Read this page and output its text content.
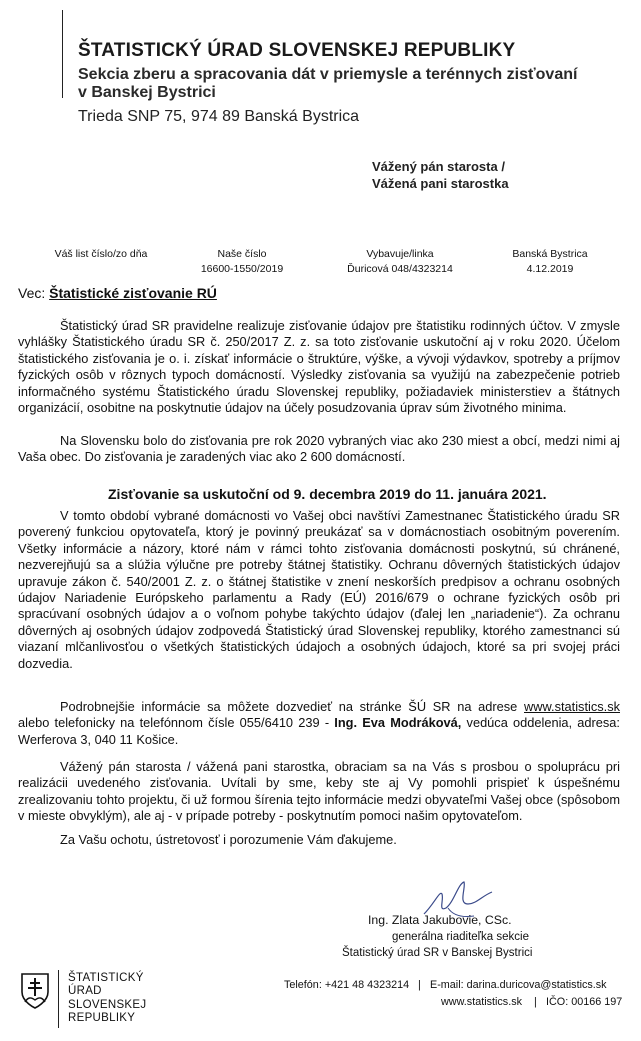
ŠTATISTICKÝ ÚRAD SLOVENSKEJ REPUBLIKY
Sekcia zberu a spracovania dát v priemysle a terénnych zisťovaní v Banskej Bystrici
Trieda SNP 75, 974 89 Banská Bystrica
Vážený pán starosta /
Vážená pani starostka
Váš list číslo/zo dňa	Naše číslo
16600-1550/2019
Vybavuje/linka
Ďuricová 048/4323214
Banská Bystrica
4.12.2019
Vec: Štatistické zisťovanie RÚ

Štatistický úrad SR pravidelne realizuje zisťovanie údajov pre štatistiku rodinných účtov. V zmysle vyhlášky Štatistického úradu SR č. 250/2017 Z. z. sa toto zisťovanie uskutoční aj v roku 2020. Účelom štatistického zisťovania je o. i. získať informácie o štruktúre, výške, a vývoji výdavkov, spotreby a príjmov fyzických osôb v rôznych typoch domácností. Výsledky zisťovania sa využijú na zabezpečenie potrieb informačného systému Štatistického úradu Slovenskej republiky, požiadaviek ministerstiev a štátnych organizácií, osobitne na poskytnutie údajov na účely posudzovania úprav súm životného minima.

Na Slovensku bolo do zisťovania pre rok 2020 vybraných viac ako 230 miest a obcí, medzi nimi aj Vaša obec. Do zisťovania je zaradených viac ako 2 600 domácností.

Zisťovanie sa uskutoční od 9. decembra 2019 do 11. januára 2021.

V tomto období vybrané domácnosti vo Vašej obci navštívi Zamestnanec Štatistického úradu SR poverený funkciou opytovateľa, ktorý je povinný preukázať sa v domácnostiach osobitným poverením. Všetky informácie a názory, ktoré nám v rámci tohto zisťovania domácnosti poskytnú, sú chránené, nezverejňujú sa a slúžia výlučne pre potreby štátnej štatistiky. Ochranu dôverných štatistických údajov upravuje zákon č. 540/2001 Z. z. o štátnej štatistike v znení neskorších predpisov a ochranu osobných údajov Nariadenie Európskeho parlamentu a Rady (EÚ) 2016/679 o ochrane fyzických osôb pri spracúvaní osobných údajov a o voľnom pohybe takýchto údajov (ďalej len „nariadenie“). Za ochranu dôverných aj osobných údajov zodpovedá Štatistický úrad Slovenskej republiky, ktorého zamestnanci sú viazaní mlčanlivosťou o všetkých štatistických údajoch a osobných údajoch, ktoré sa pri svojej práci dozvedia.

Podrobnejšie informácie sa môžete dozvedieť na stránke ŠÚ SR na adrese www.statistics.sk alebo telefonicky na telefónnom čísle 055/6410 239 - Ing. Eva Modráková, vedúca oddelenia, adresa: Werferova 3, 040 11 Košice.

Vážený pán starosta / vážená pani starostka, obraciam sa na Vás s prosbou o spoluprácu pri realizácii uvedeného zisťovania. Uvítali by sme, keby ste aj Vy pomohli prispieť k úspešnému zrealizovaniu tohto projektu, či už formou šírenia tejto informácie medzi obyvateľmi Vašej obce (spôsobom v mieste obvyklým), ale aj - v prípade potreby - poskytnutím pomoci našim opytovateľom.

Za Vašu ochotu, ústretovosť i porozumenie Vám ďakujeme.

Ing. Zlata Jakubovie, CSc.
generálna riaditeľka sekcie
Štatistický úrad SR v Banskej Bystrici
ŠTATISTICKÝ
ÚRAD
SLOVENSKEJ
REPUBLIKY
Telefón: +421 48 4323214 | E-mail: darina.duricova@statistics.sk
www.statistics.sk | IČO: 00166 197
